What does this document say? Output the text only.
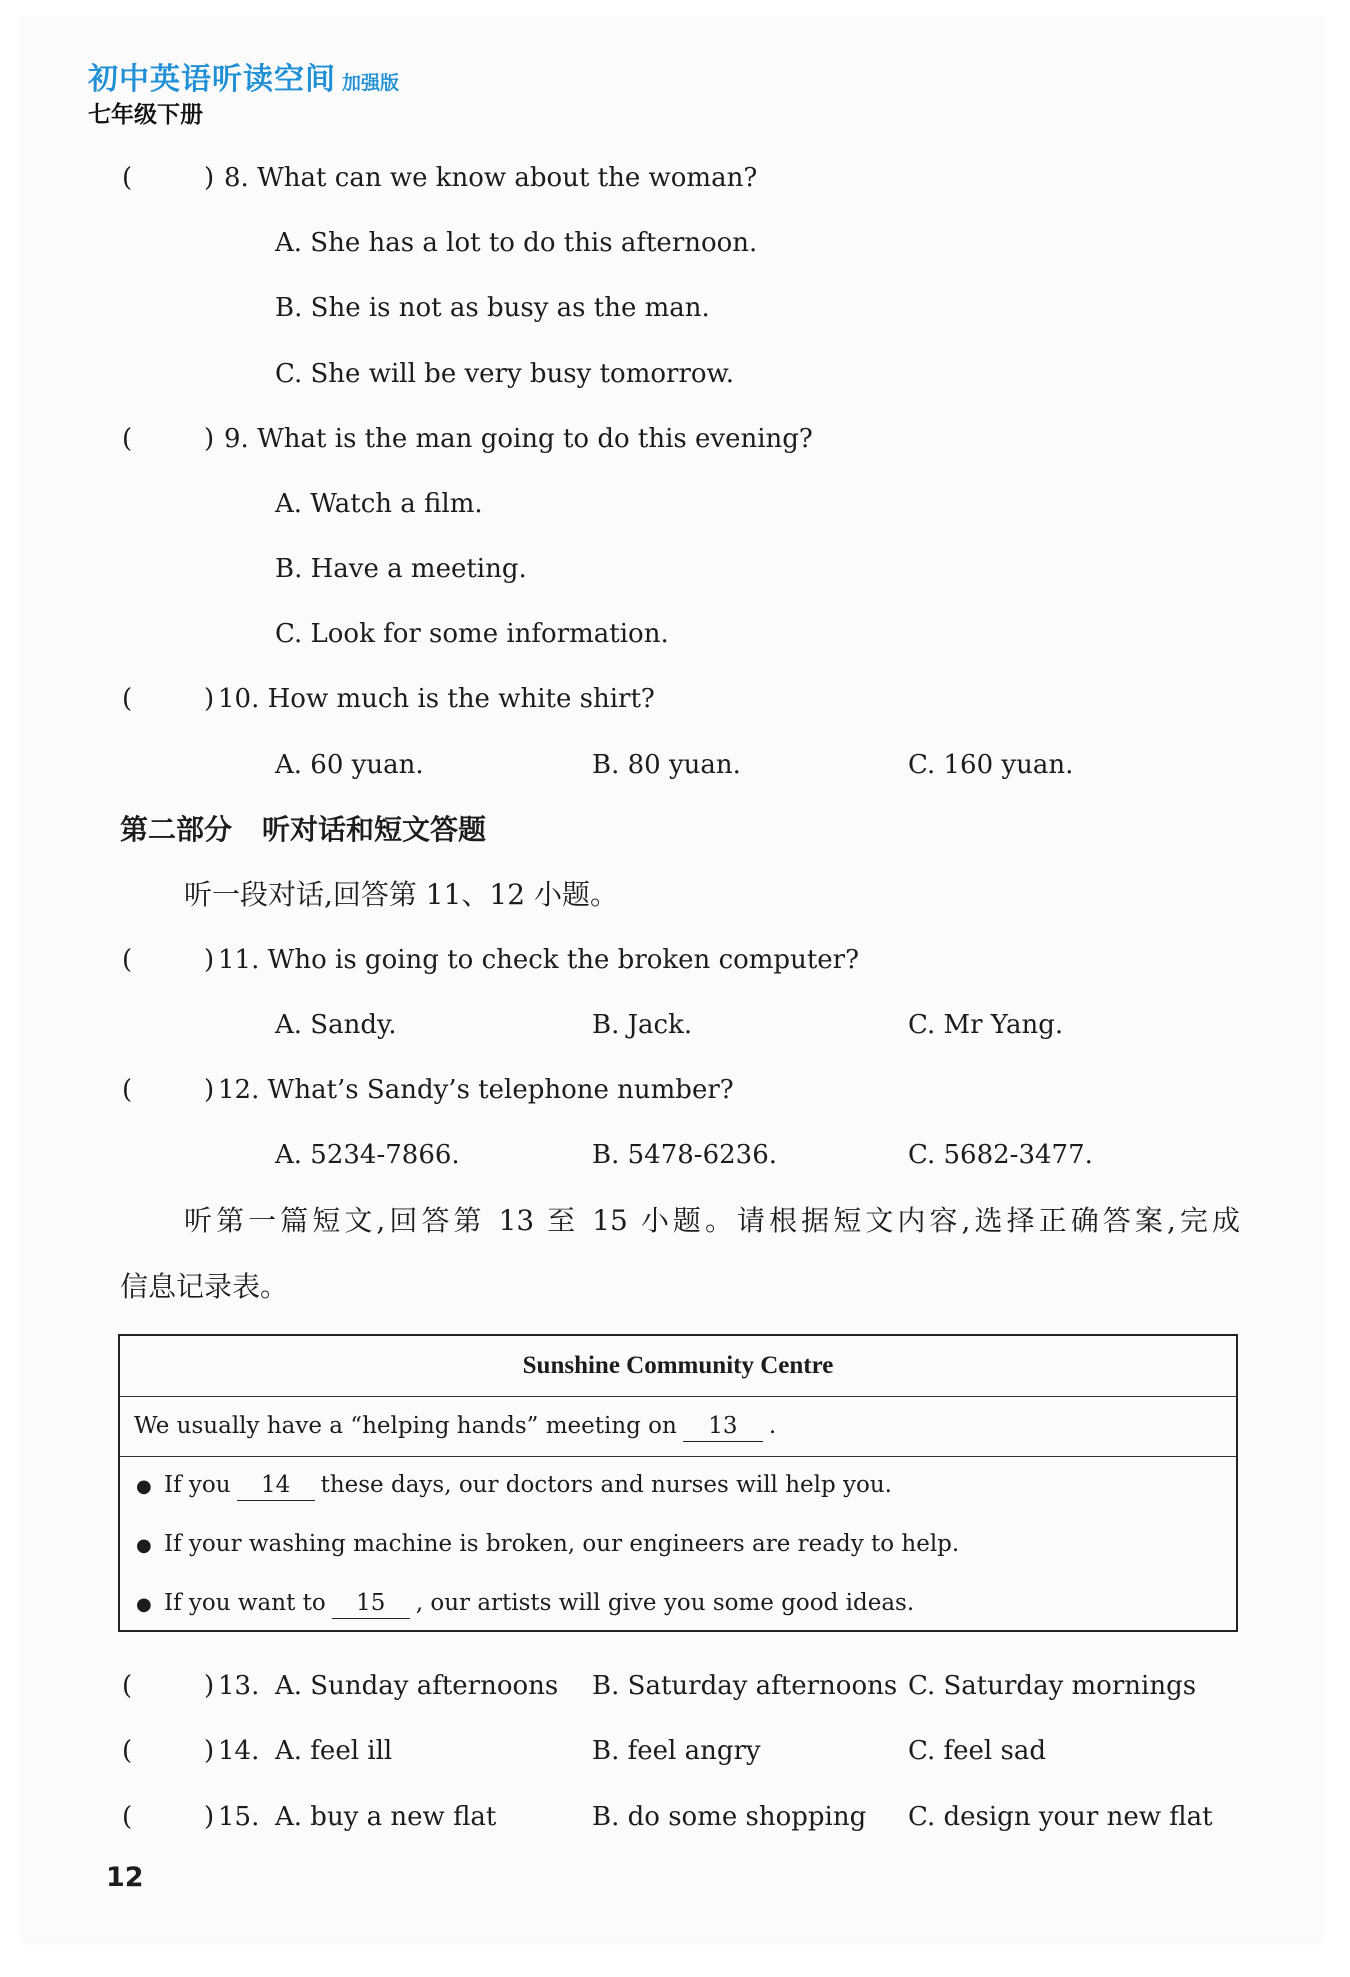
初中英语听读空间 加强版
七年级下册
(	) 8. What can we know about the woman?
A. She has a lot to do this afternoon.
B. She is not as busy as the man.
C. She will be very busy tomorrow.
(	) 9. What is the man going to do this evening?
A. Watch a film.
B. Have a meeting.
C. Look for some information.
(	) 10. How much is the white shirt?
A. 60 yuan.	B. 80 yuan.	C. 160 yuan.
第二部分 听对话和短文答题
听一段对话,回答第 11、12 小题。
(	) 11. Who is going to check the broken computer?
A. Sandy.	B. Jack.	C. Mr Yang.
(	) 12. What’s Sandy’s telephone number?
A. 5234-7866.	B. 5478-6236.	C. 5682-3477.
听第一篇短文,回答第 13 至 15 小题。请根据短文内容,选择正确答案,完成
信息记录表。
Sunshine Community Centre
We usually have a “helping hands” meeting on 13 .
● If you 14 these days, our doctors and nurses will help you.
● If your washing machine is broken, our engineers are ready to help.
● If you want to 15 , our artists will give you some good ideas.
(	) 13. A. Sunday afternoons B. Saturday afternoons C. Saturday mornings
(	) 14. A. feel ill	B. feel angry	C. feel sad
(	) 15. A. buy a new flat	B. do some shopping C. design your new flat
12
